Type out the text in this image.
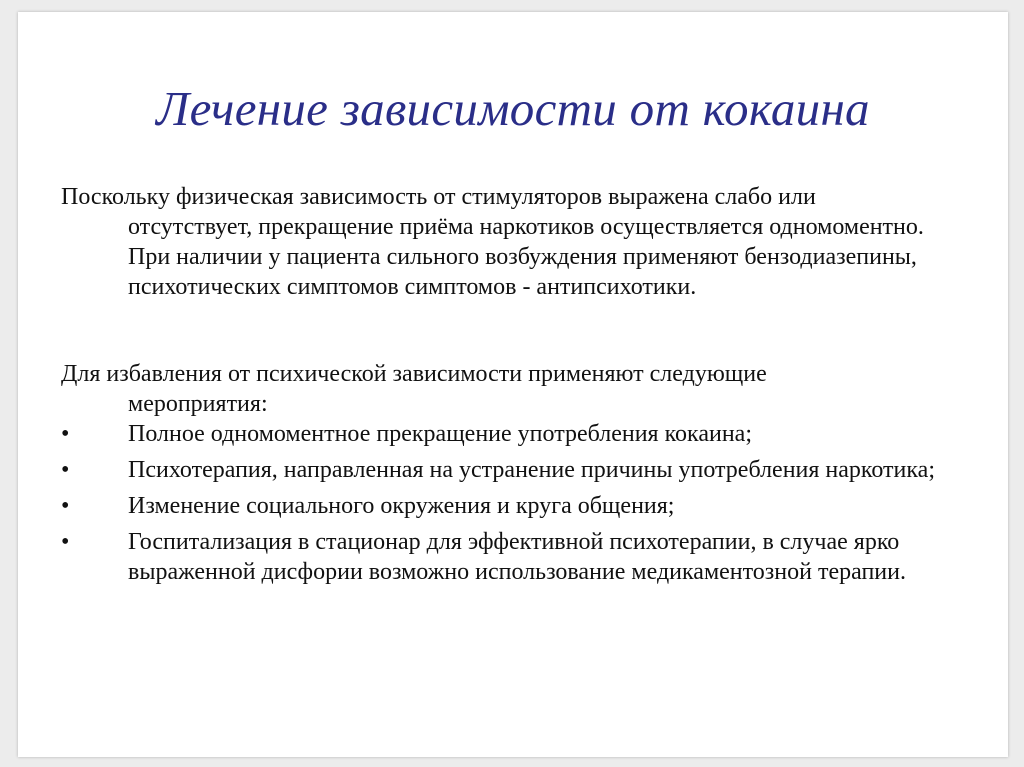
Лечение зависимости от кокаина

Поскольку физическая зависимость от стимуляторов выражена слабо или
отсутствует, прекращение приёма наркотиков осуществляется одномоментно. При наличии у пациента сильного возбуждения применяют бензодиазепины, психотических симптомов симптомов - антипсихотики.

Для избавления от психической зависимости применяют следующие
мероприятия:

•	Полное одномоментное прекращение употребления кокаина;
•	Психотерапия, направленная на устранение причины употребления наркотика;
•	Изменение социального окружения и круга общения;
•	Госпитализация в стационар для эффективной психотерапии, в случае ярко выраженной дисфории возможно использование медикаментозной терапии.
